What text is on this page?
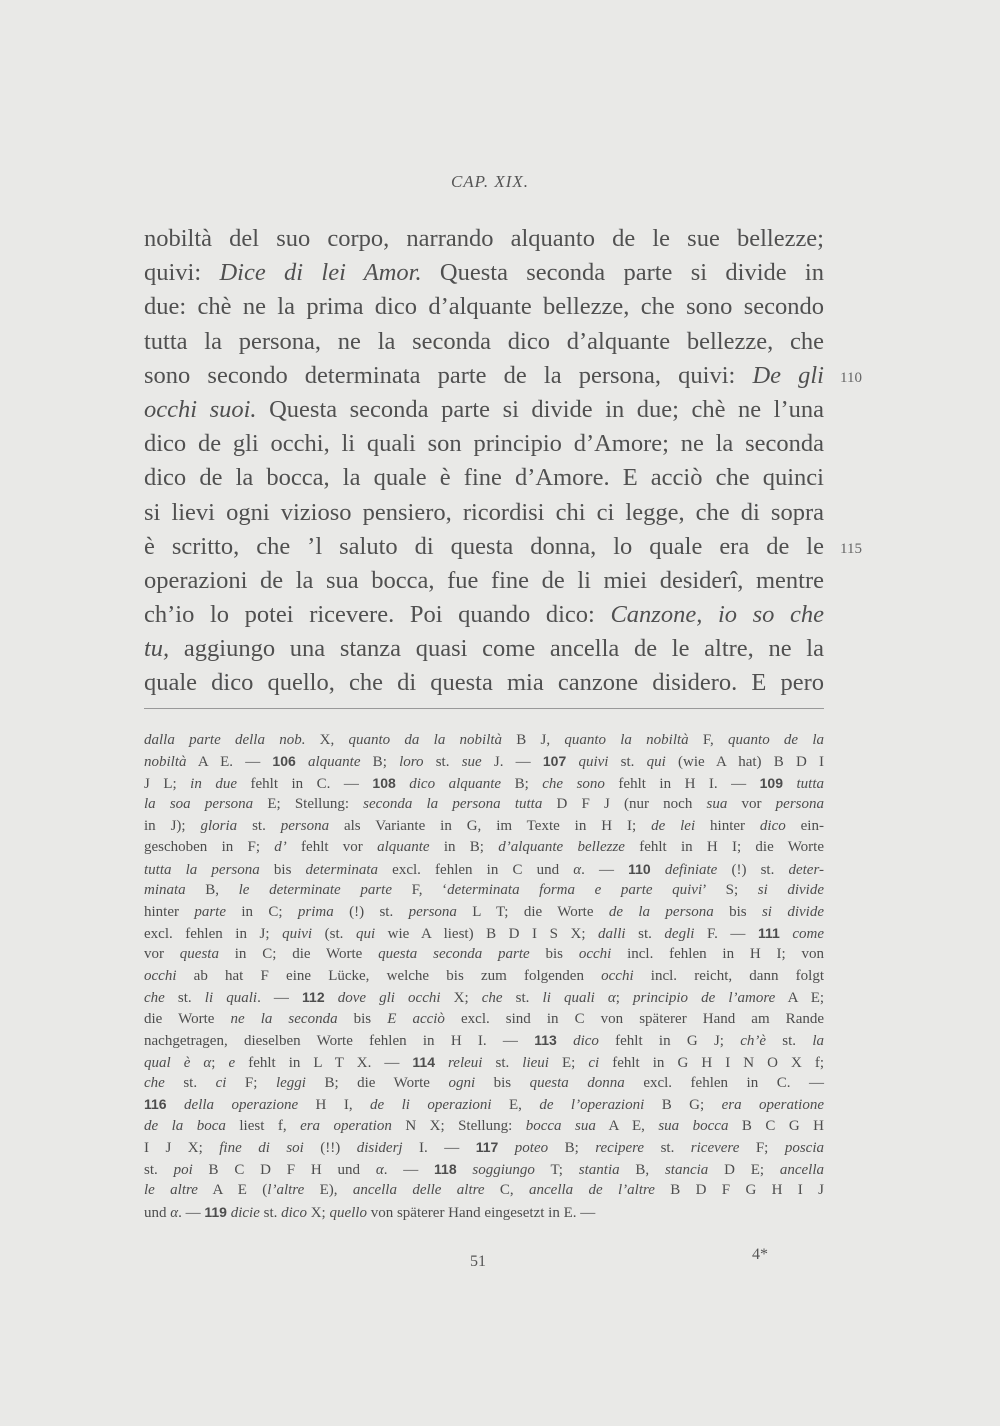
CAP. XIX.
nobiltà del suo corpo, narrando alquanto de le sue bellezze;
quivi: Dice di lei Amor. Questa seconda parte si divide in
due: chè ne la prima dico d’alquante bellezze, che sono secondo
tutta la persona, ne la seconda dico d’alquante bellezze, che
sono secondo determinata parte de la persona, quivi: De gli
occhi suoi. Questa seconda parte si divide in due; chè ne l’una
dico de gli occhi, li quali son principio d’Amore; ne la seconda
dico de la bocca, la quale è fine d’Amore. E acciò che quinci
si lievi ogni vizioso pensiero, ricordisi chi ci legge, che di sopra
è scritto, che ’l saluto di questa donna, lo quale era de le
operazioni de la sua bocca, fue fine de li miei desiderî, mentre
ch’io lo potei ricevere. Poi quando dico: Canzone, io so che
tu, aggiungo una stanza quasi come ancella de le altre, ne la
quale dico quello, che di questa mia canzone disidero. E pero
110
115
dalla parte della nob. X, quanto da la nobiltà B J, quanto la nobiltà F, quanto de la
nobiltà A E. — 106 alquante B; loro st. sue J. — 107 quivi st. qui (wie A hat) B D I
J L; in due fehlt in C. — 108 dico alquante B; che sono fehlt in H I. — 109 tutta
la soa persona E; Stellung: seconda la persona tutta D F J (nur noch sua vor persona
in J); gloria st. persona als Variante in G, im Texte in H I; de lei hinter dico ein-
geschoben in F; d’ fehlt vor alquante in B; d’alquante bellezze fehlt in H I; die Worte
tutta la persona bis determinata excl. fehlen in C und α. — 110 definiate (!) st. deter-
minata B, le determinate parte F, ‘determinata forma e parte quivi’ S; si divide
hinter parte in C; prima (!) st. persona L T; die Worte de la persona bis si divide
excl. fehlen in J; quivi (st. qui wie A liest) B D I S X; dalli st. degli F. — 111 come
vor questa in C; die Worte questa seconda parte bis occhi incl. fehlen in H I; von
occhi ab hat F eine Lücke, welche bis zum folgenden occhi incl. reicht, dann folgt
che st. li quali. — 112 dove gli occhi X; che st. li quali α; principio de l’amore A E;
die Worte ne la seconda bis E acciò excl. sind in C von späterer Hand am Rande
nachgetragen, dieselben Worte fehlen in H I. — 113 dico fehlt in G J; ch’è st. la
qual è α; e fehlt in L T X. — 114 releui st. lieui E; ci fehlt in G H I N O X f;
che st. ci F; leggi B; die Worte ogni bis questa donna excl. fehlen in C. —
116 della operazione H I, de li operazioni E, de l’operazioni B G; era operatione
de la boca liest f, era operation N X; Stellung: bocca sua A E, sua bocca B C G H
I J X; fine di soi (!!) disiderj I. — 117 poteo B; recipere st. ricevere F; poscia
st. poi B C D F H und α. — 118 soggiungo T; stantia B, stancia D E; ancella
le altre A E (l’altre E), ancella delle altre C, ancella de l’altre B D F G H I J
und α. — 119 dicie st. dico X; quello von späterer Hand eingesetzt in E. —
51	4*
